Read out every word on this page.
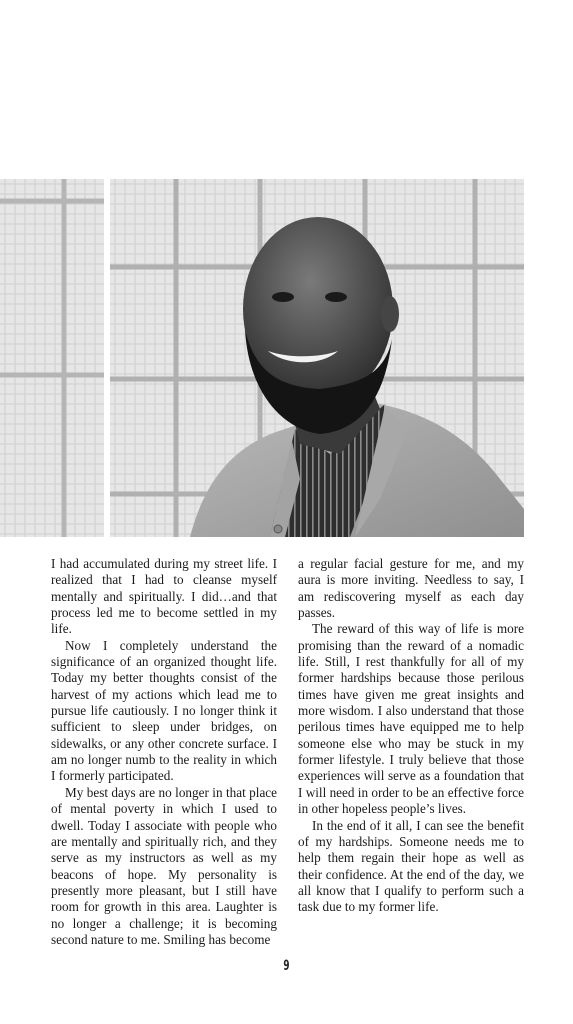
I had accumulated during my street life. I realized that I had to cleanse myself mentally and spiritually. I did…and that process led me to become settled in my life.

Now I completely understand the significance of an organized thought life. Today my better thoughts consist of the harvest of my actions which lead me to pursue life cautiously. I no longer think it sufficient to sleep under bridges, on sidewalks, or any other concrete surface. I am no longer numb to the reality in which I formerly participated.

My best days are no longer in that place of mental poverty in which I used to dwell. Today I associate with people who are mentally and spiritually rich, and they serve as my instructors as well as my beacons of hope. My personality is presently more pleasant, but I still have room for growth in this area. Laughter is no longer a challenge; it is becoming second nature to me. Smiling has become

a regular facial gesture for me, and my aura is more inviting. Needless to say, I am rediscovering myself as each day passes.

The reward of this way of life is more promising than the reward of a nomadic life. Still, I rest thankfully for all of my former hardships because those perilous times have given me great insights and more wisdom. I also understand that those perilous times have equipped me to help someone else who may be stuck in my former lifestyle. I truly believe that those experiences will serve as a foundation that I will need in order to be an effective force in other hopeless people’s lives.

In the end of it all, I can see the benefit of my hardships. Someone needs me to help them regain their hope as well as their confidence. At the end of the day, we all know that I qualify to perform such a task due to my former life.

9
